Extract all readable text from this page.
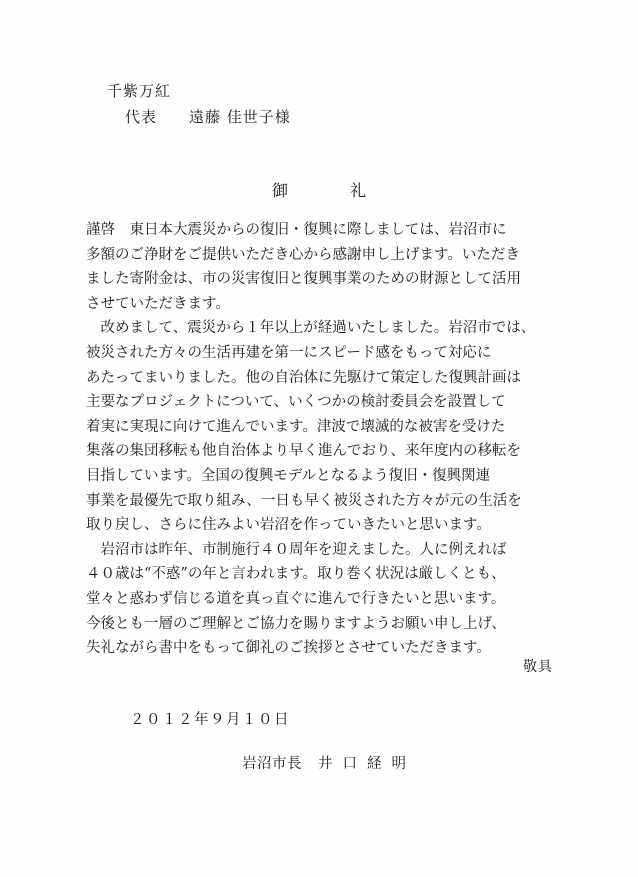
千紫万紅
代表 遠藤 佳世子様
御	礼
謹啓　東日本大震災からの復旧・復興に際しましては、岩沼市に
多額のご浄財をご提供いただき心から感謝申し上げます。いただき
ました寄附金は、市の災害復旧と復興事業のための財源として活用
させていただきます。
　改めまして、震災から１年以上が経過いたしました。岩沼市では、
被災された方々の生活再建を第一にスピード感をもって対応に
あたってまいりました。他の自治体に先駆けて策定した復興計画は
主要なプロジェクトについて、いくつかの検討委員会を設置して
着実に実現に向けて進んでいます。津波で壊滅的な被害を受けた
集落の集団移転も他自治体より早く進んでおり、来年度内の移転を
目指しています。全国の復興モデルとなるよう復旧・復興関連
事業を最優先で取り組み、一日も早く被災された方々が元の生活を
取り戻し、さらに住みよい岩沼を作っていきたいと思います。
　岩沼市は昨年、市制施行４０周年を迎えました。人に例えれば
４０歳は“不惑”の年と言われます。取り巻く状況は厳しくとも、
堂々と惑わず信じる道を真っ直ぐに進んで行きたいと思います。
今後とも一層のご理解とご協力を賜りますようお願い申し上げ、
失礼ながら書中をもって御礼のご挨拶とさせていただきます。
敬具
２０１２年９月１０日
岩沼市長 井口経明
